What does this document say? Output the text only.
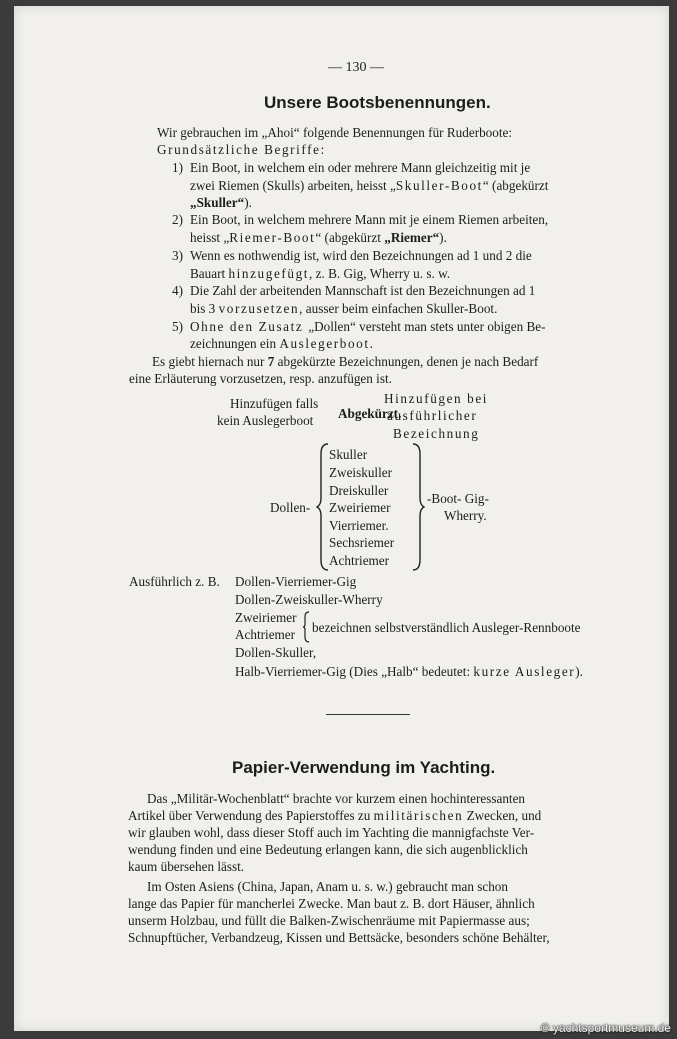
— 130 —
Unsere Bootsbenennungen.
Wir gebrauchen im „Ahoi“ folgende Benennungen für Ruderboote:
Grundsätzliche Begriffe:
1) Ein Boot, in welchem ein oder mehrere Mann gleichzeitig mit je
zwei Riemen (Skulls) arbeiten, heisst „Skuller-Boot“ (abgekürzt
„Skuller“).
2) Ein Boot, in welchem mehrere Mann mit je einem Riemen arbeiten,
heisst „Riemer-Boot“ (abgekürzt „Riemer“).
3) Wenn es nothwendig ist, wird den Bezeichnungen ad 1 und 2 die
Bauart hinzugefügt, z. B. Gig, Wherry u. s. w.
4) Die Zahl der arbeitenden Mannschaft ist den Bezeichnungen ad 1
bis 3 vorzusetzen, ausser beim einfachen Skuller-Boot.
5) Ohne den Zusatz „Dollen“ versteht man stets unter obigen Be-
zeichnungen ein Auslegerboot.
Es giebt hiernach nur 7 abgekürzte Bezeichnungen, denen je nach Bedarf
eine Erläuterung vorzusetzen, resp. anzufügen ist.
Hinzufügen falls
kein Auslegerboot Abgekürzt.
Hinzufügen bei
ausführlicher
Bezeichnung
Dollen-
Skuller
Zweiskuller
Dreiskuller
Zweiriemer
Vierriemer.
Sechsriemer
Achtriemer
-Boot- Gig-
Wherry.
Ausführlich z. B. Dollen-Vierriemer-Gig
Dollen-Zweiskuller-Wherry
Zweiriemer
Achtriemer bezeichnen selbstverständlich Ausleger-Rennboote
Dollen-Skuller,
Halb-Vierriemer-Gig (Dies „Halb“ bedeutet: kurze Ausleger).
Papier-Verwendung im Yachting.
Das „Militär-Wochenblatt“ brachte vor kurzem einen hochinteressanten
Artikel über Verwendung des Papierstoffes zu militärischen Zwecken, und
wir glauben wohl, dass dieser Stoff auch im Yachting die mannigfachste Ver-
wendung finden und eine Bedeutung erlangen kann, die sich augenblicklich
kaum übersehen lässt.
Im Osten Asiens (China, Japan, Anam u. s. w.) gebraucht man schon
lange das Papier für mancherlei Zwecke. Man baut z. B. dort Häuser, ähnlich
unserm Holzbau, und füllt die Balken-Zwischenräume mit Papiermasse aus;
Schnupftücher, Verbandzeug, Kissen und Bettsäcke, besonders schöne Behälter,
© yachtsportmuseum.de
